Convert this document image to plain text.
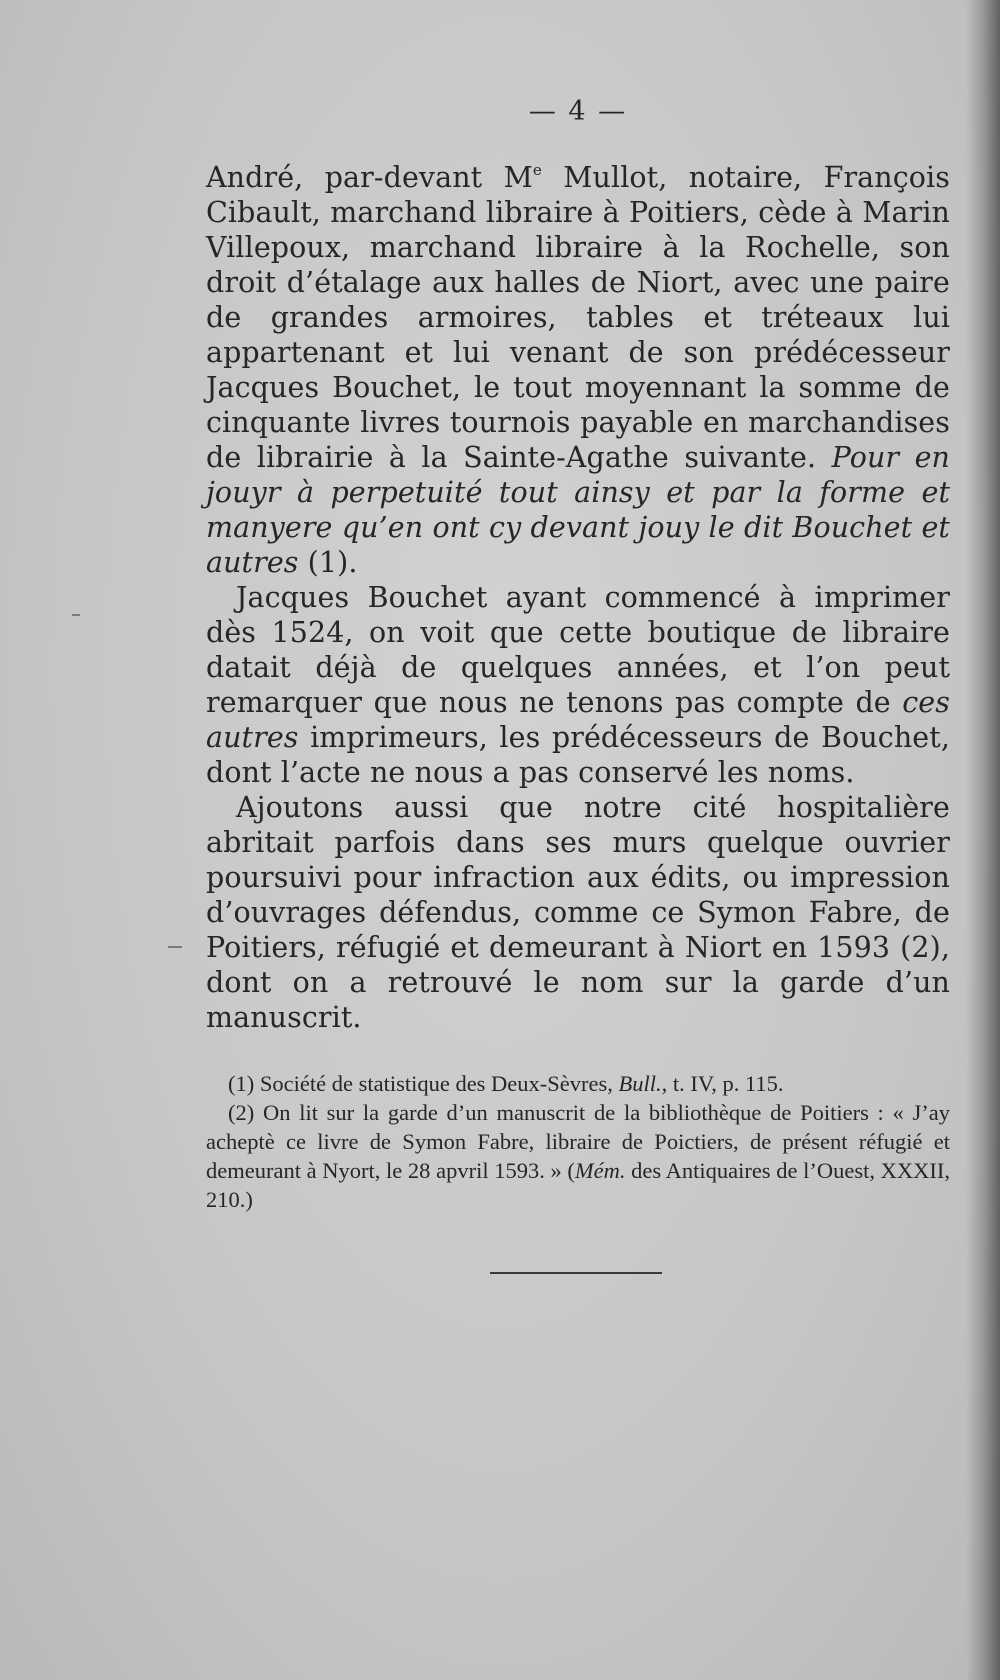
— 4 —

André, par-devant Me Mullot, notaire, François Cibault, marchand libraire à Poitiers, cède à Marin Villepoux, marchand libraire à la Rochelle, son droit d’étalage aux halles de Niort, avec une paire de grandes armoires, tables et tréteaux lui appartenant et lui venant de son prédécesseur Jacques Bouchet, le tout moyennant la somme de cinquante livres tournois payable en marchandises de librairie à la Sainte-Agathe suivante. Pour en jouyr à perpetuité tout ainsy et par la forme et manyere qu’en ont cy devant jouy le dit Bouchet et autres (1).

Jacques Bouchet ayant commencé à imprimer dès 1524, on voit que cette boutique de libraire datait déjà de quelques années, et l’on peut remarquer que nous ne tenons pas compte de ces autres imprimeurs, les prédécesseurs de Bouchet, dont l’acte ne nous a pas conservé les noms.

Ajoutons aussi que notre cité hospitalière abritait parfois dans ses murs quelque ouvrier poursuivi pour infraction aux édits, ou impression d’ouvrages défendus, comme ce Symon Fabre, de Poitiers, réfugié et demeurant à Niort en 1593 (2), dont on a retrouvé le nom sur la garde d’un manuscrit.

(1) Société de statistique des Deux-Sèvres, Bull., t. IV, p. 115.

(2) On lit sur la garde d’un manuscrit de la bibliothèque de Poitiers : « J’ay acheptè ce livre de Symon Fabre, libraire de Poictiers, de présent réfugié et demeurant à Nyort, le 28 apvril 1593. » (Mém. des Antiquaires de l’Ouest, XXXII, 210.)
